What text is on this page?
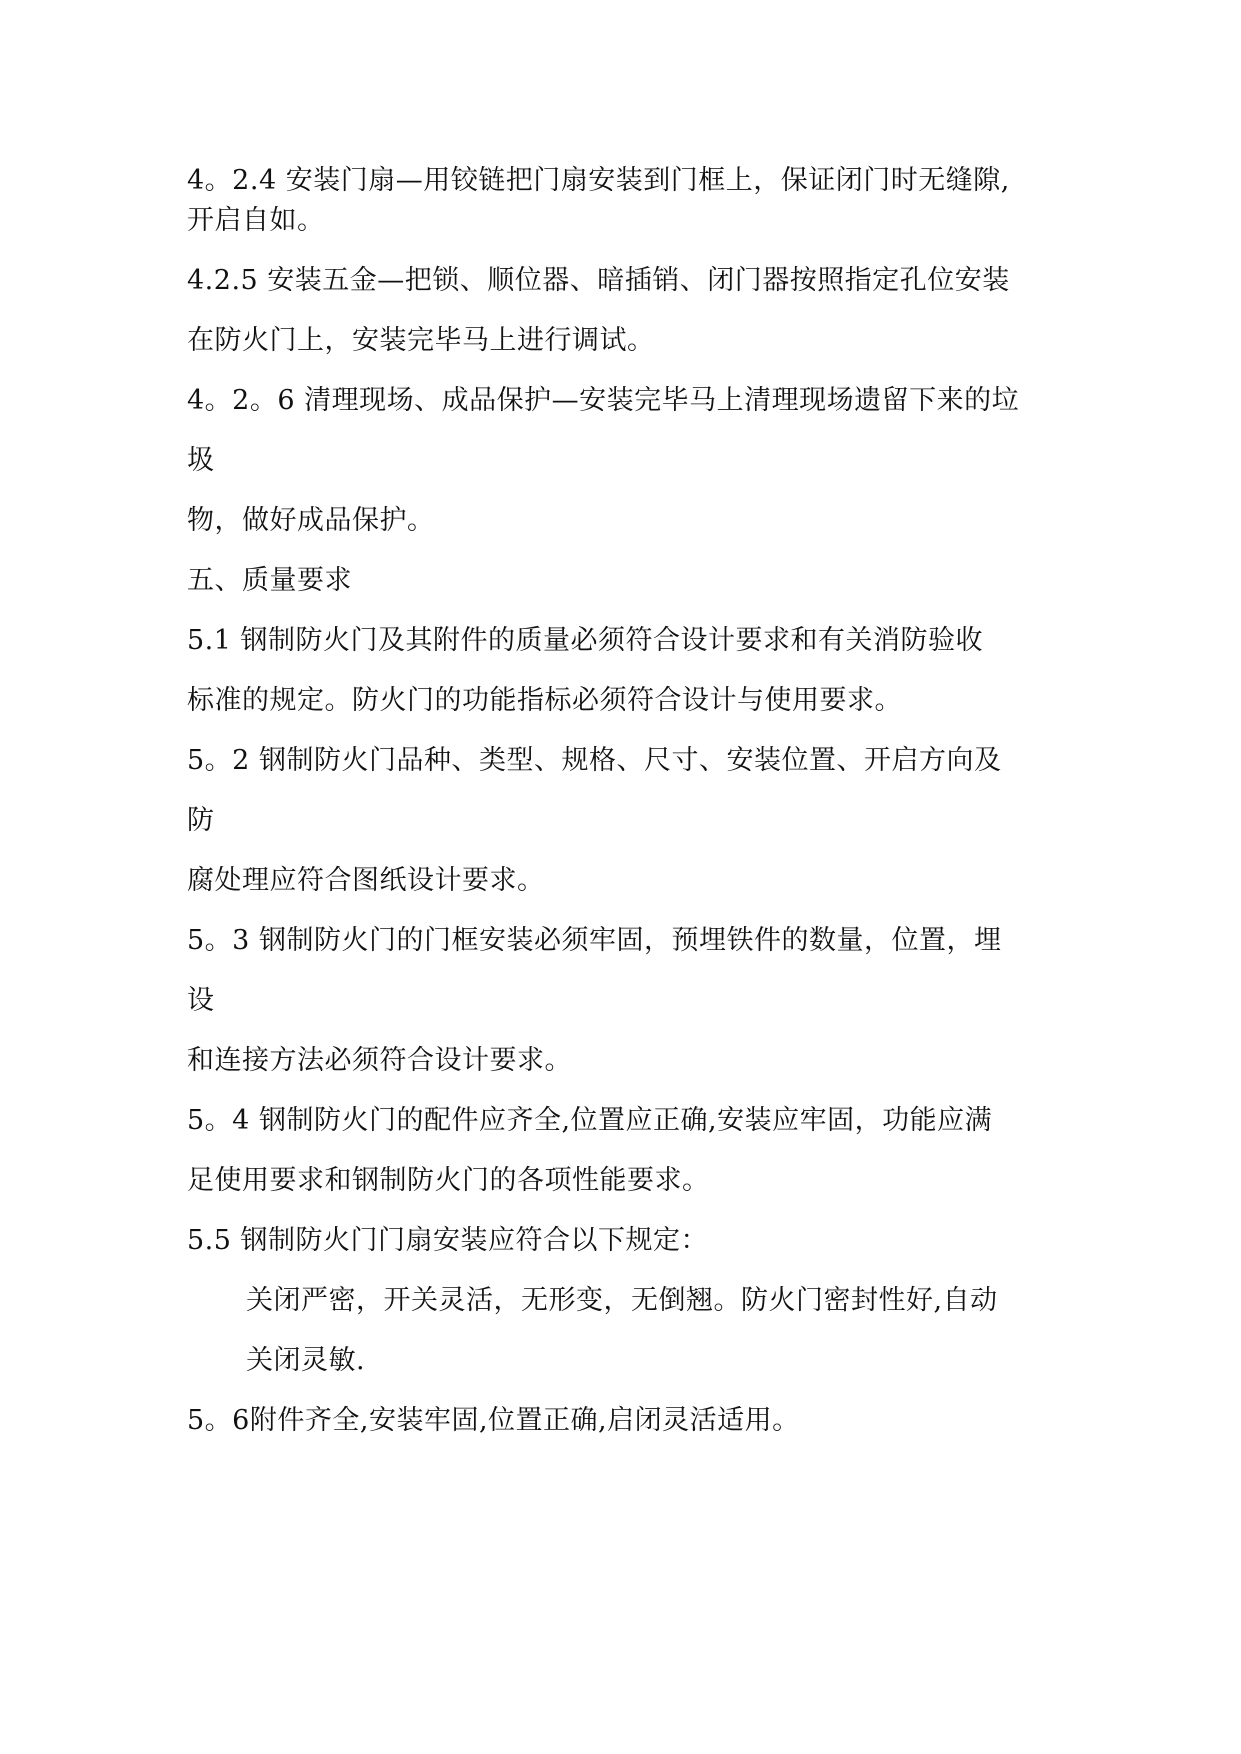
4。2.4 安装门扇—用铰链把门扇安装到门框上，保证闭门时无缝隙,
开启自如。
4.2.5 安装五金—把锁、顺位器、暗插销、闭门器按照指定孔位安装
在防火门上，安装完毕马上进行调试。
4。2。6 清理现场、成品保护—安装完毕马上清理现场遗留下来的垃
圾
物，做好成品保护。
五、质量要求
5.1 钢制防火门及其附件的质量必须符合设计要求和有关消防验收
标准的规定。防火门的功能指标必须符合设计与使用要求。
5。2 钢制防火门品种、类型、规格、尺寸、安装位置、开启方向及
防
腐处理应符合图纸设计要求。
5。3 钢制防火门的门框安装必须牢固，预埋铁件的数量，位置，埋
设
和连接方法必须符合设计要求。
5。4 钢制防火门的配件应齐全,位置应正确,安装应牢固，功能应满
足使用要求和钢制防火门的各项性能要求。
5.5 钢制防火门门扇安装应符合以下规定：
关闭严密，开关灵活，无形变，无倒翘。防火门密封性好,自动
关闭灵敏.
5。6附件齐全,安装牢固,位置正确,启闭灵活适用。
